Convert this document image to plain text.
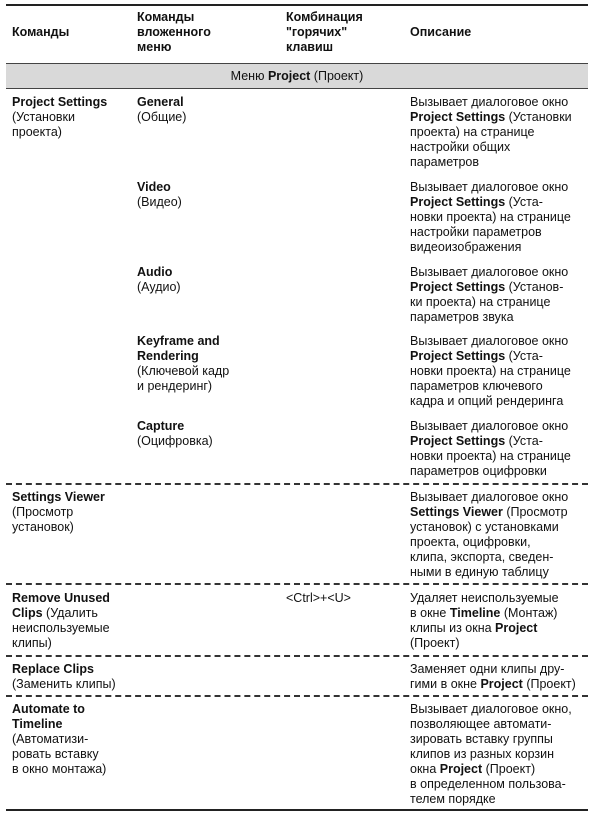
Команды
Команды
вложенного
меню
Комбинация
"горячих"
клавиш
Описание
Меню Project (Проект)
Project Settings
(Установки
проекта)
General
(Общие)
Вызывает диалоговое окно
Project Settings (Установки
проекта) на странице
настройки общих
параметров
Video
(Видео)
Вызывает диалоговое окно
Project Settings (Уста-
новки проекта) на странице
настройки параметров
видеоизображения
Audio
(Аудио)
Вызывает диалоговое окно
Project Settings (Установ-
ки проекта) на странице
параметров звука
Keyframe and
Rendering
(Ключевой кадр
и рендеринг)
Вызывает диалоговое окно
Project Settings (Уста-
новки проекта) на странице
параметров ключевого
кадра и опций рендеринга
Capture
(Оцифровка)
Вызывает диалоговое окно
Project Settings (Уста-
новки проекта) на странице
параметров оцифровки
Settings Viewer
(Просмотр
установок)
Вызывает диалоговое окно
Settings Viewer (Просмотр
установок) с установками
проекта, оцифровки,
клипа, экспорта, сведен-
ными в единую таблицу
Remove Unused
Clips (Удалить
неиспользуемые
клипы)
<Ctrl>+<U>	Удаляет неиспользуемые
в окне Timeline (Монтаж)
клипы из окна Project
(Проект)
Replace Clips
(Заменить клипы)
Заменяет одни клипы дру-
гими в окне Project (Проект)
Automate to
Timeline
(Автоматизи-
ровать вставку
в окно монтажа)
Вызывает диалоговое окно,
позволяющее автомати-
зировать вставку группы
клипов из разных корзин
окна Project (Проект)
в определенном пользова-
телем порядке
